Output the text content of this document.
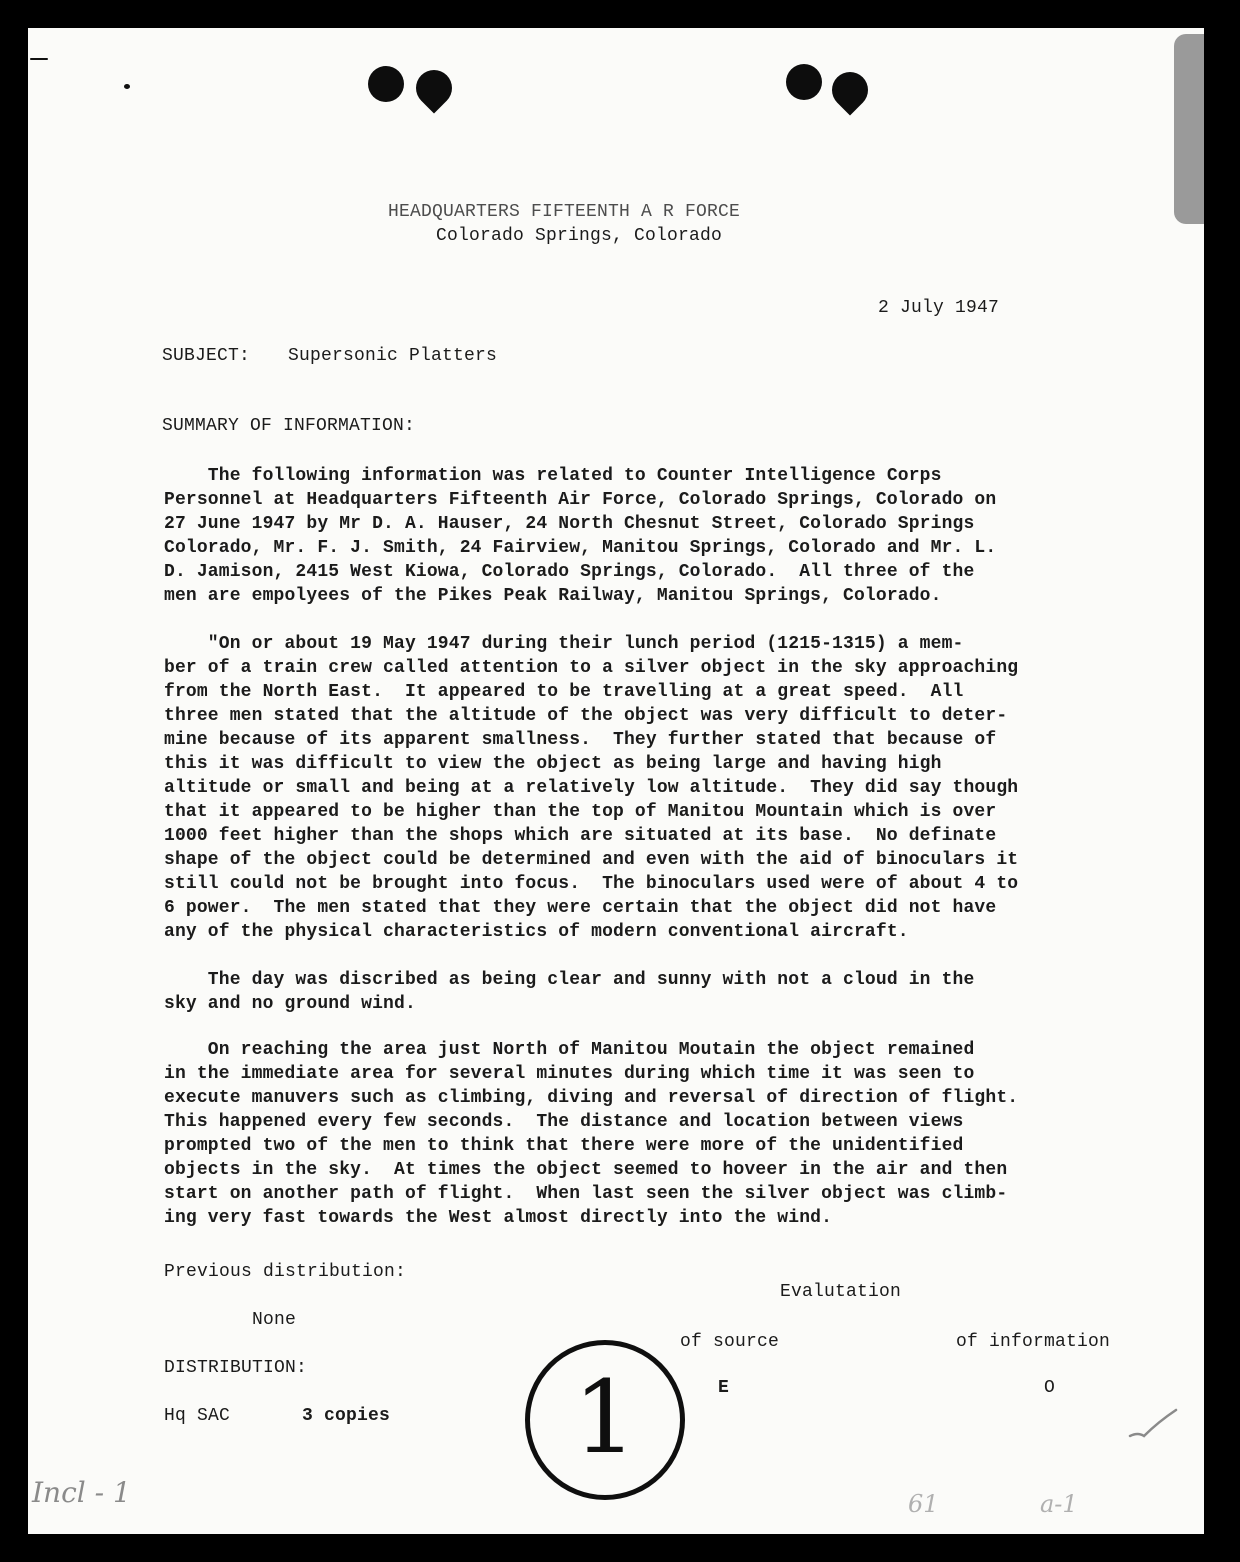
HEADQUARTERS FIFTEENTH A R FORCE
Colorado Springs, Colorado
2 July 1947
SUBJECT: Supersonic Platters
SUMMARY OF INFORMATION:
The following information was related to Counter Intelligence Corps
Personnel at Headquarters Fifteenth Air Force, Colorado Springs, Colorado on
27 June 1947 by Mr D. A. Hauser, 24 North Chesnut Street, Colorado Springs
Colorado, Mr. F. J. Smith, 24 Fairview, Manitou Springs, Colorado and Mr. L.
D. Jamison, 2415 West Kiowa, Colorado Springs, Colorado.  All three of the
men are empolyees of the Pikes Peak Railway, Manitou Springs, Colorado.
"On or about 19 May 1947 during their lunch period (1215-1315) a mem-
ber of a train crew called attention to a silver object in the sky approaching
from the North East.  It appeared to be travelling at a great speed.  All
three men stated that the altitude of the object was very difficult to deter-
mine because of its apparent smallness.  They further stated that because of
this it was difficult to view the object as being large and having high
altitude or small and being at a relatively low altitude.  They did say though
that it appeared to be higher than the top of Manitou Mountain which is over
1000 feet higher than the shops which are situated at its base.  No definate
shape of the object could be determined and even with the aid of binoculars it
still could not be brought into focus.  The binoculars used were of about 4 to
6 power.  The men stated that they were certain that the object did not have
any of the physical characteristics of modern conventional aircraft.
The day was discribed as being clear and sunny with not a cloud in the
sky and no ground wind.
On reaching the area just North of Manitou Moutain the object remained
in the immediate area for several minutes during which time it was seen to
execute manuvers such as climbing, diving and reversal of direction of flight.
This happened every few seconds.  The distance and location between views
prompted two of the men to think that there were more of the unidentified
objects in the sky.  At times the object seemed to hoveer in the air and then
start on another path of flight.  When last seen the silver object was climb-
ing very fast towards the West almost directly into the wind.
Previous distribution:
None
Evalutation
of source	of information
E	O
DISTRIBUTION:
Hq SAC	3 copies	1
Incl - 1	61	a-1
